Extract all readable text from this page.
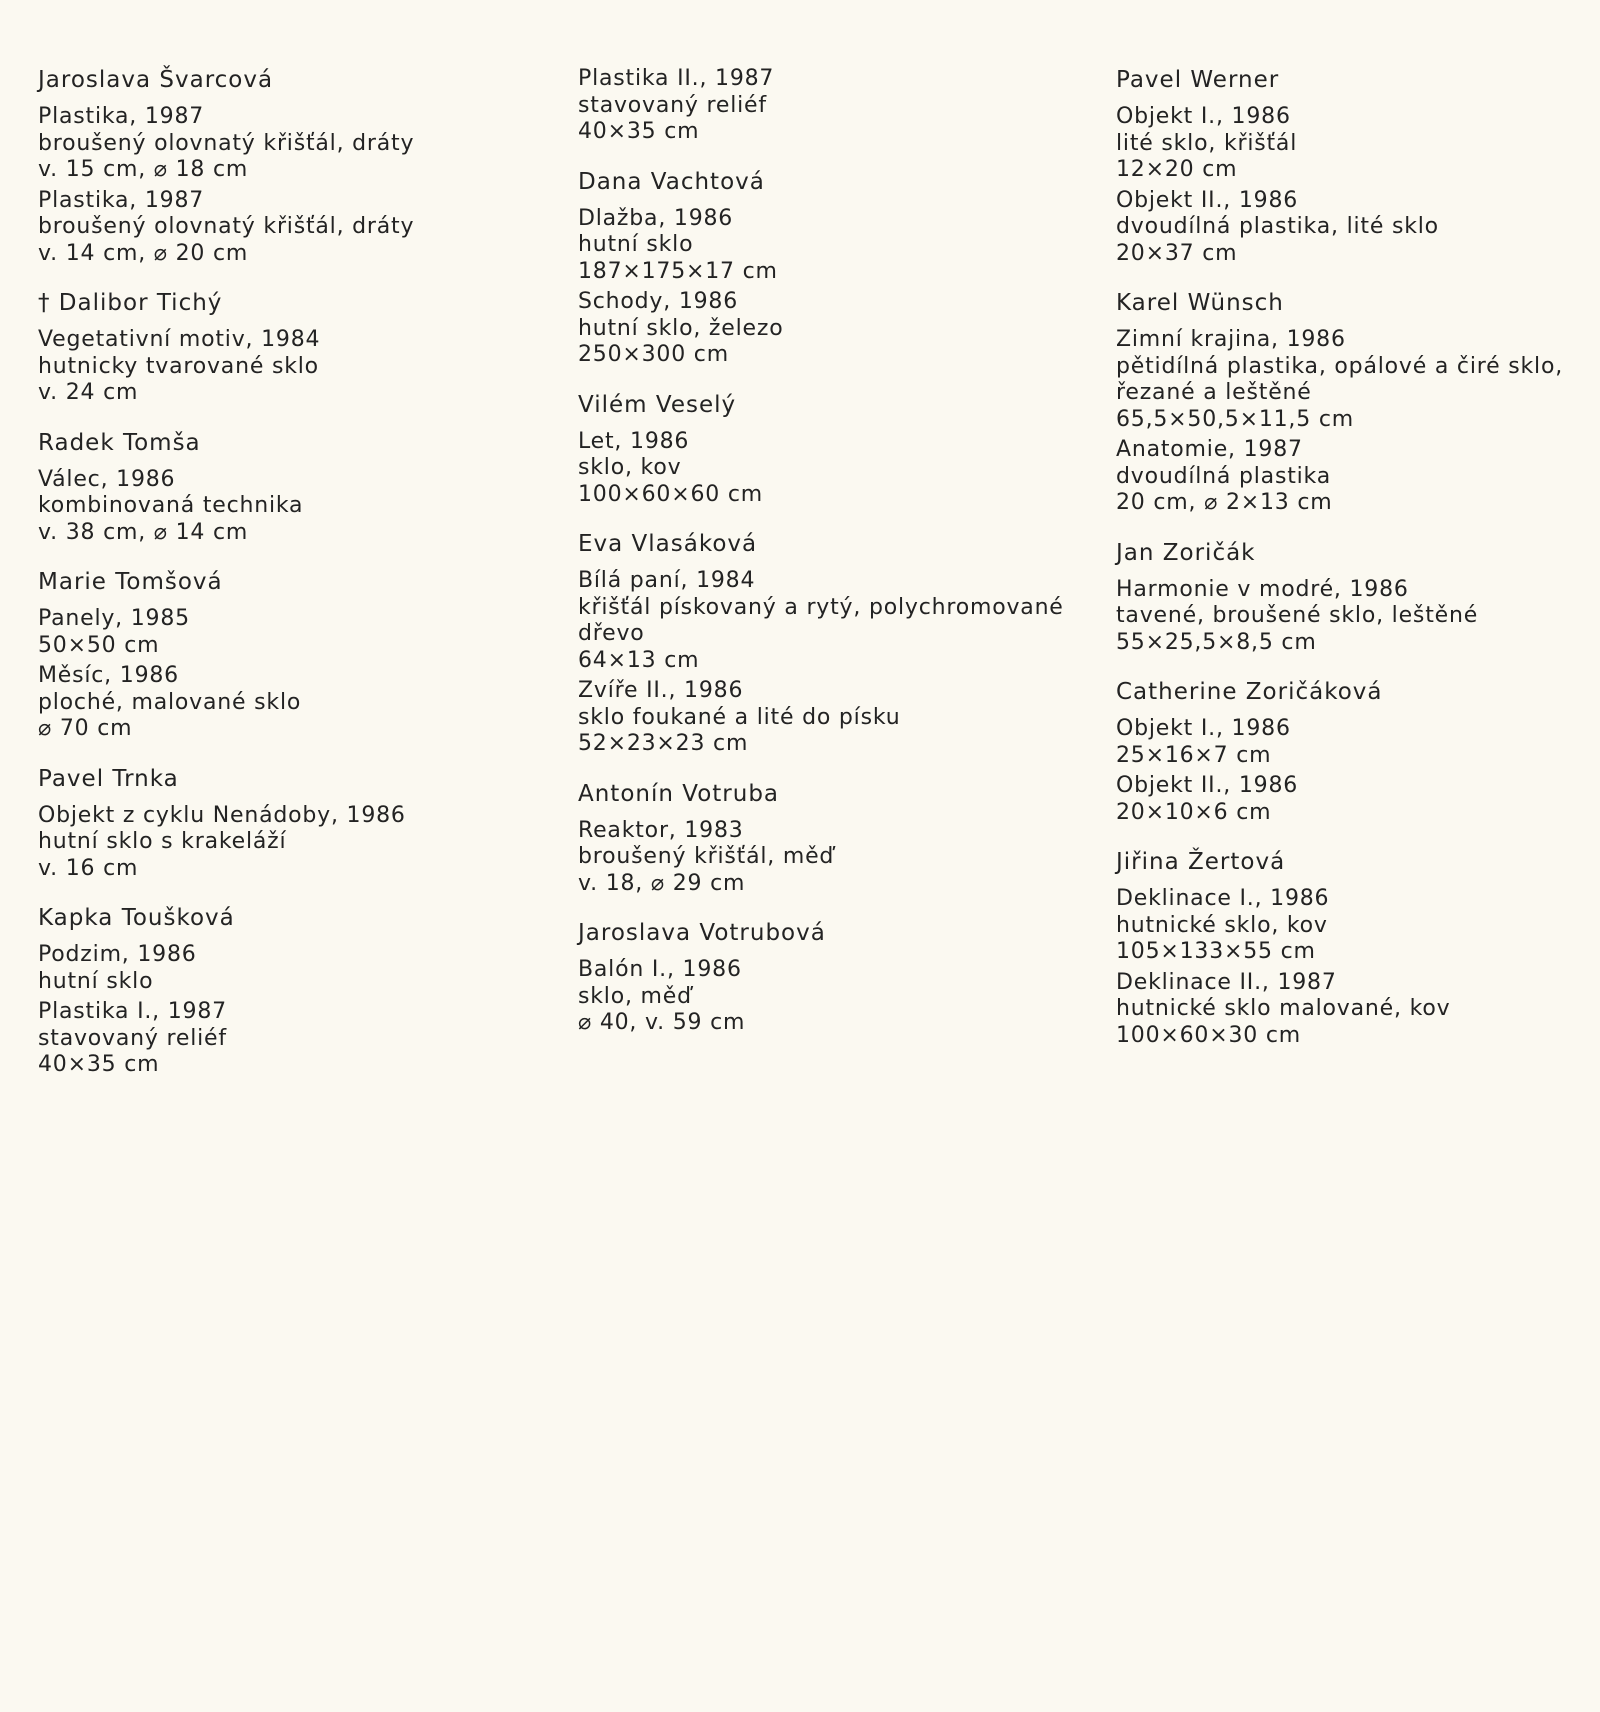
Jaroslava Švarcová
Plastika, 1987
broušený olovnatý křišťál, dráty
v. 15 cm, ⌀ 18 cm
Plastika, 1987
broušený olovnatý křišťál, dráty
v. 14 cm, ⌀ 20 cm
† Dalibor Tichý
Vegetativní motiv, 1984
hutnicky tvarované sklo
v. 24 cm
Radek Tomša
Válec, 1986
kombinovaná technika
v. 38 cm, ⌀ 14 cm
Marie Tomšová
Panely, 1985
50×50 cm
Měsíc, 1986
ploché, malované sklo
⌀ 70 cm
Pavel Trnka
Objekt z cyklu Nenádoby, 1986
hutní sklo s krakeláží
v. 16 cm
Kapka Toušková
Podzim, 1986
hutní sklo
Plastika I., 1987
stavovaný reliéf
40×35 cm
Plastika II., 1987
stavovaný reliéf
40×35 cm
Dana Vachtová
Dlažba, 1986
hutní sklo
187×175×17 cm
Schody, 1986
hutní sklo, železo
250×300 cm
Vilém Veselý
Let, 1986
sklo, kov
100×60×60 cm
Eva Vlasáková
Bílá paní, 1984
křišťál pískovaný a rytý, polychromované
dřevo
64×13 cm
Zvíře II., 1986
sklo foukané a lité do písku
52×23×23 cm
Antonín Votruba
Reaktor, 1983
broušený křišťál, měď
v. 18, ⌀ 29 cm
Jaroslava Votrubová
Balón I., 1986
sklo, měď
⌀ 40, v. 59 cm
Pavel Werner
Objekt I., 1986
lité sklo, křišťál
12×20 cm
Objekt II., 1986
dvoudílná plastika, lité sklo
20×37 cm
Karel Wünsch
Zimní krajina, 1986
pětidílná plastika, opálové a čiré sklo,
řezané a leštěné
65,5×50,5×11,5 cm
Anatomie, 1987
dvoudílná plastika
20 cm, ⌀ 2×13 cm
Jan Zoričák
Harmonie v modré, 1986
tavené, broušené sklo, leštěné
55×25,5×8,5 cm
Catherine Zoričáková
Objekt I., 1986
25×16×7 cm
Objekt II., 1986
20×10×6 cm
Jiřina Žertová
Deklinace I., 1986
hutnické sklo, kov
105×133×55 cm
Deklinace II., 1987
hutnické sklo malované, kov
100×60×30 cm
